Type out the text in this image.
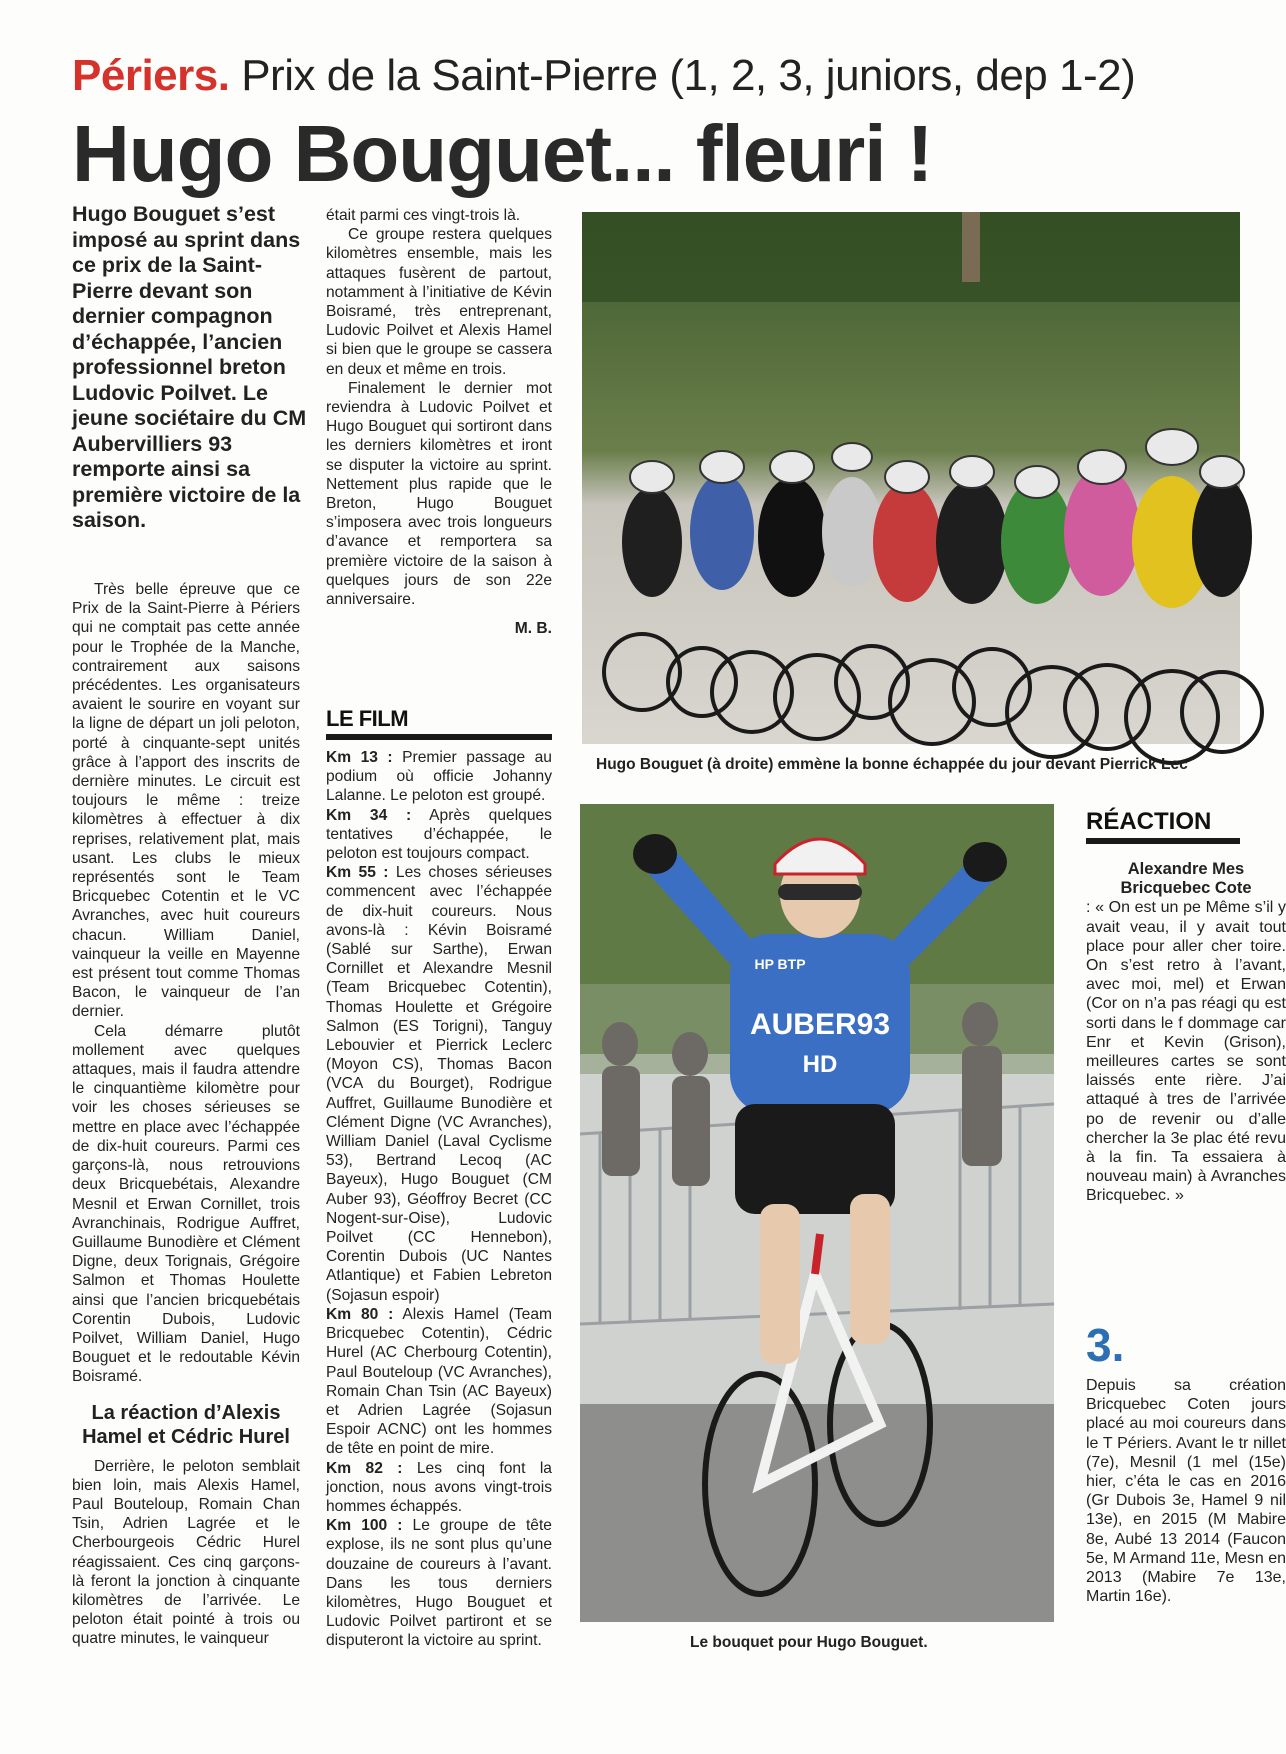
Périers. Prix de la Saint-Pierre (1, 2, 3, juniors, dep 1-2)
Hugo Bouguet... fleuri !
Hugo Bouguet s’est imposé au sprint dans ce prix de la Saint-Pierre devant son dernier compagnon d’échappée, l’ancien professionnel breton Ludovic Poilvet. Le jeune sociétaire du CM Aubervilliers 93 remporte ainsi sa première victoire de la saison.

Très belle épreuve que ce Prix de la Saint-Pierre à Périers qui ne comptait pas cette année pour le Trophée de la Manche, contrairement aux saisons précédentes. Les organisateurs avaient le sourire en voyant sur la ligne de départ un joli peloton, porté à cinquante-sept unités grâce à l’apport des inscrits de dernière minutes. Le circuit est toujours le même : treize kilomètres à effectuer à dix reprises, relativement plat, mais usant. Les clubs le mieux représentés sont le Team Bricquebec Cotentin et le VC Avranches, avec huit coureurs chacun. William Daniel, vainqueur la veille en Mayenne est présent tout comme Thomas Bacon, le vainqueur de l’an dernier.

Cela démarre plutôt mollement avec quelques attaques, mais il faudra attendre le cinquantième kilomètre pour voir les choses sérieuses se mettre en place avec l’échappée de dix-huit coureurs. Parmi ces garçons-là, nous retrouvions deux Bricquebétais, Alexandre Mesnil et Erwan Cornillet, trois Avranchinais, Rodrigue Auffret, Guillaume Bunodière et Clément Digne, deux Torignais, Grégoire Salmon et Thomas Houlette ainsi que l’ancien bricquebétais Corentin Dubois, Ludovic Poilvet, William Daniel, Hugo Bouguet et le redoutable Kévin Boisramé.

La réaction d’Alexis Hamel et Cédric Hurel

Derrière, le peloton semblait bien loin, mais Alexis Hamel, Paul Bouteloup, Romain Chan Tsin, Adrien Lagrée et le Cherbourgeois Cédric Hurel réagissaient. Ces cinq garçons-là feront la jonction à cinquante kilomètres de l’arrivée. Le peloton était pointé à trois ou quatre minutes, le vainqueur

était parmi ces vingt-trois là.

Ce groupe restera quelques kilomètres ensemble, mais les attaques fusèrent de partout, notamment à l’initiative de Kévin Boisramé, très entreprenant, Ludovic Poilvet et Alexis Hamel si bien que le groupe se cassera en deux et même en trois.

Finalement le dernier mot reviendra à Ludovic Poilvet et Hugo Bouguet qui sortiront dans les derniers kilomètres et iront se disputer la victoire au sprint. Nettement plus rapide que le Breton, Hugo Bouguet s’imposera avec trois longueurs d’avance et remportera sa première victoire de la saison à quelques jours de son 22e anniversaire.

M. B.
LE FILM

Km 13 : Premier passage au podium où officie Johanny Lalanne. Le peloton est groupé.

Km 34 : Après quelques tentatives d’échappée, le peloton est toujours compact.

Km 55 : Les choses sérieuses commencent avec l’échappée de dix-huit coureurs. Nous avons-là : Kévin Boisramé (Sablé sur Sarthe), Erwan Cornillet et Alexandre Mesnil (Team Bricquebec Cotentin), Thomas Houlette et Grégoire Salmon (ES Torigni), Tanguy Lebouvier et Pierrick Leclerc (Moyon CS), Thomas Bacon (VCA du Bourget), Rodrigue Auffret, Guillaume Bunodière et Clément Digne (VC Avranches), William Daniel (Laval Cyclisme 53), Bertrand Lecoq (AC Bayeux), Hugo Bouguet (CM Auber 93), Géoffroy Becret (CC Nogent-sur-Oise), Ludovic Poilvet (CC Hennebon), Corentin Dubois (UC Nantes Atlantique) et Fabien Lebreton (Sojasun espoir)

Km 80 : Alexis Hamel (Team Bricquebec Cotentin), Cédric Hurel (AC Cherbourg Cotentin), Paul Bouteloup (VC Avranches), Romain Chan Tsin (AC Bayeux) et Adrien Lagrée (Sojasun Espoir ACNC) ont les hommes de tête en point de mire.

Km 82 : Les cinq font la jonction, nous avons vingt-trois hommes échappés.

Km 100 : Le groupe de tête explose, ils ne sont plus qu’une douzaine de coureurs à l’avant. Dans les tous derniers kilomètres, Hugo Bouguet et Ludovic Poilvet partiront et se disputeront la victoire au sprint.

Hugo Bouguet (à droite) emmène la bonne échappée du jour devant Pierrick Lec
AUBER93
HD
HP BTP
Le bouquet pour Hugo Bouguet.
RÉACTION
Alexandre Mes
Bricquebec Cote
: « On est un pe Même s’il y avait veau, il y avait tout place pour aller cher toire. On s’est retro à l’avant, avec moi, mel) et Erwan (Cor on n’a pas réagi qu est sorti dans le f dommage car Enr et Kevin (Grison), meilleures cartes se sont laissés ente rière. J’ai attaqué à tres de l’arrivée po de revenir ou d’alle chercher la 3e plac été revu à la fin. Ta essaiera à nouveau main) à Avranches Bricquebec. »
3.
Depuis sa création Bricquebec Coten jours placé au moi coureurs dans le T Périers. Avant le tr nillet (7e), Mesnil (1 mel (15e) hier, c’éta le cas en 2016 (Gr Dubois 3e, Hamel 9 nil 13e), en 2015 (M Mabire 8e, Aubé 13 2014 (Faucon 5e, M Armand 11e, Mesn en 2013 (Mabire 7e 13e, Martin 16e).
